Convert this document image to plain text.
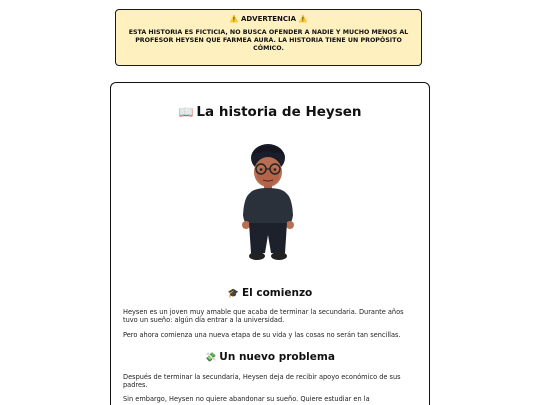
⚠️ ADVERTENCIA ⚠️
ESTA HISTORIA ES FICTICIA, NO BUSCA OFENDER A NADIE Y MUCHO MENOS AL PROFESOR HEYSEN QUE FARMEA AURA. LA HISTORIA TIENE UN PROPÓSITO CÓMICO.
📖 La historia de Heysen
🎓 El comienzo

Heysen es un joven muy amable que acaba de terminar la secundaria. Durante años tuvo un sueño: algún día entrar a la universidad.

Pero ahora comienza una nueva etapa de su vida y las cosas no serán tan sencillas.

💸 Un nuevo problema

Después de terminar la secundaria, Heysen deja de recibir apoyo económico de sus padres.

Sin embargo, Heysen no quiere abandonar su sueño. Quiere estudiar en la
